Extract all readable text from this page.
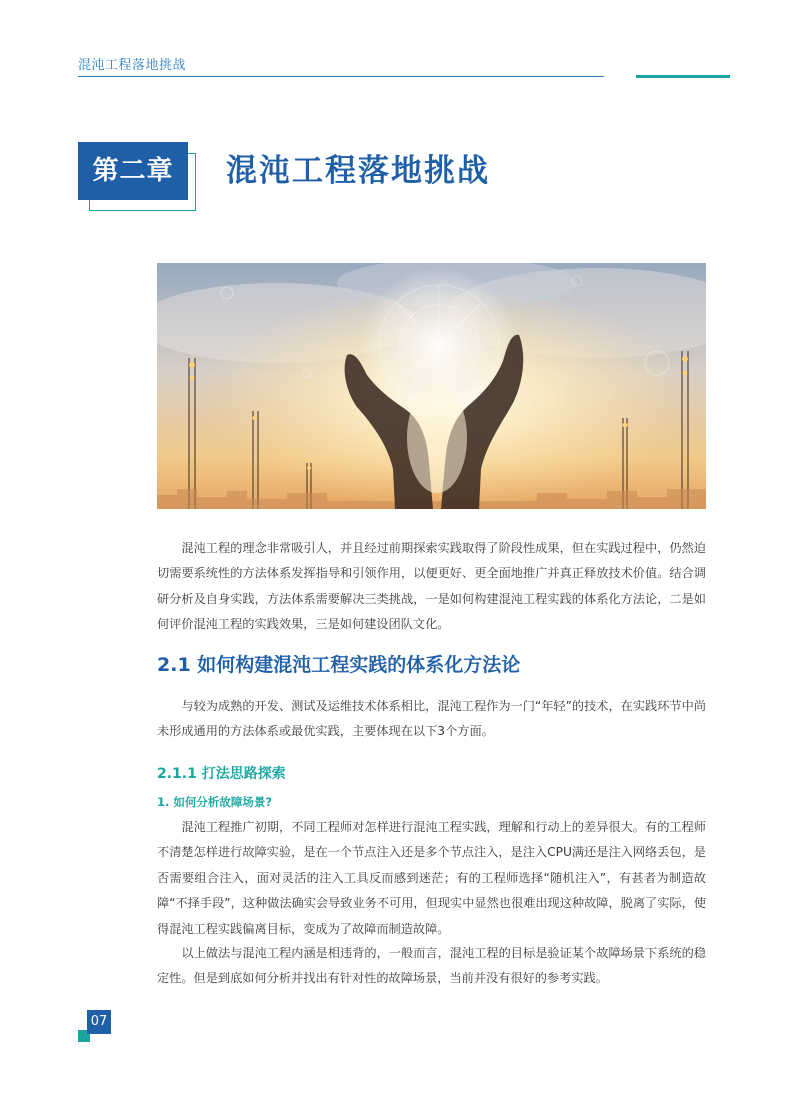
混沌工程落地挑战
第二章	混沌工程落地挑战

混沌工程的理念非常吸引人，并且经过前期探索实践取得了阶段性成果，但在实践过程中，仍然迫切需要系统性的方法体系发挥指导和引领作用，以便更好、更全面地推广并真正释放技术价值。结合调研分析及自身实践，方法体系需要解决三类挑战，一是如何构建混沌工程实践的体系化方法论，二是如何评价混沌工程的实践效果，三是如何建设团队文化。

2.1 如何构建混沌工程实践的体系化方法论

与较为成熟的开发、测试及运维技术体系相比，混沌工程作为一门“年轻”的技术，在实践环节中尚未形成通用的方法体系或最优实践，主要体现在以下3个方面。

2.1.1 打法思路探索
1. 如何分析故障场景?

混沌工程推广初期，不同工程师对怎样进行混沌工程实践，理解和行动上的差异很大。有的工程师不清楚怎样进行故障实验，是在一个节点注入还是多个节点注入，是注入CPU满还是注入网络丢包，是否需要组合注入，面对灵活的注入工具反而感到迷茫；有的工程师选择“随机注入”，有甚者为制造故障“不择手段”，这种做法确实会导致业务不可用，但现实中显然也很难出现这种故障，脱离了实际，使得混沌工程实践偏离目标，变成为了故障而制造故障。

以上做法与混沌工程内涵是相违背的，一般而言，混沌工程的目标是验证某个故障场景下系统的稳定性。但是到底如何分析并找出有针对性的故障场景，当前并没有很好的参考实践。

07
